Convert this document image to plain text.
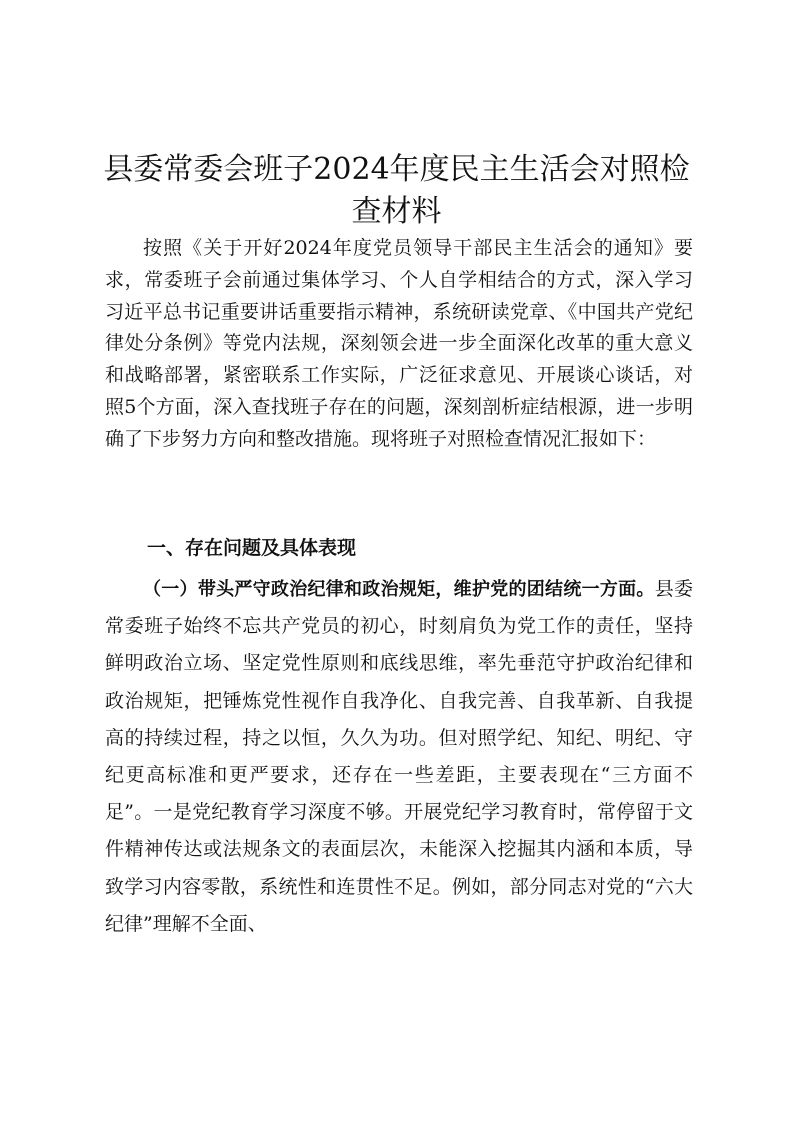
县委常委会班子2024年度民主生活会对照检
查材料

按照《关于开好2024年度党员领导干部民主生活会的通知》要求，常委班子会前通过集体学习、个人自学相结合的方式，深入学习习近平总书记重要讲话重要指示精神，系统研读党章、《中国共产党纪律处分条例》等党内法规，深刻领会进一步全面深化改革的重大意义和战略部署，紧密联系工作实际，广泛征求意见、开展谈心谈话，对照5个方面，深入查找班子存在的问题，深刻剖析症结根源，进一步明确了下步努力方向和整改措施。现将班子对照检查情况汇报如下：

一、存在问题及具体表现

（一）带头严守政治纪律和政治规矩，维护党的团结统一方面。县委常委班子始终不忘共产党员的初心，时刻肩负为党工作的责任，坚持鲜明政治立场、坚定党性原则和底线思维，率先垂范守护政治纪律和政治规矩，把锤炼党性视作自我净化、自我完善、自我革新、自我提高的持续过程，持之以恒，久久为功。但对照学纪、知纪、明纪、守纪更高标准和更严要求，还存在一些差距，主要表现在“三方面不足”。一是党纪教育学习深度不够。开展党纪学习教育时，常停留于文件精神传达或法规条文的表面层次，未能深入挖掘其内涵和本质，导致学习内容零散，系统性和连贯性不足。例如，部分同志对党的“六大纪律”理解不全面、
